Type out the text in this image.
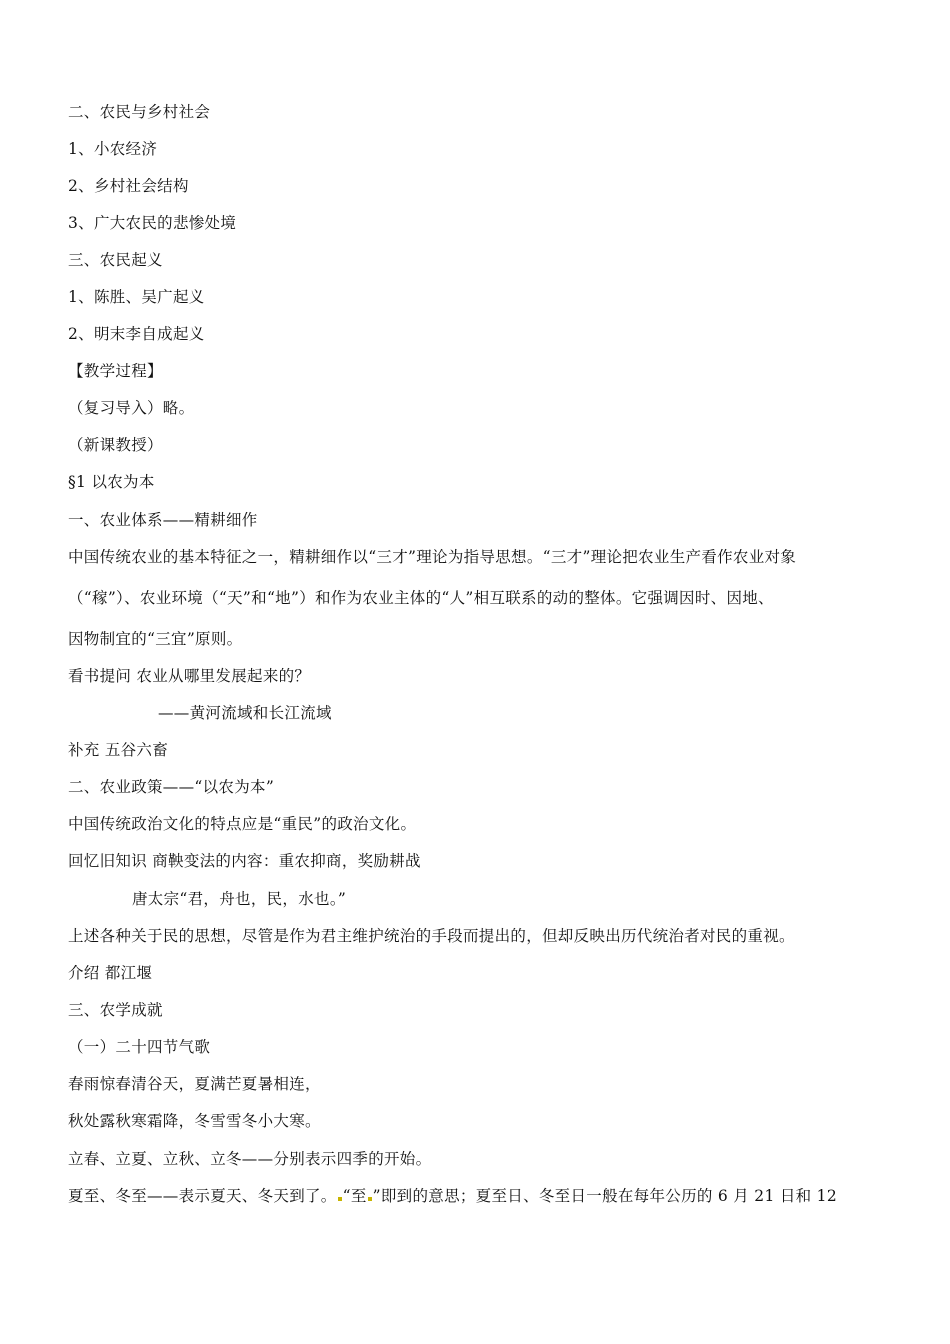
二、农民与乡村社会
1、小农经济
2、乡村社会结构
3、广大农民的悲惨处境
三、农民起义
1、陈胜、吴广起义
2、明末李自成起义
【教学过程】
（复习导入）略。
（新课教授）
§1 以农为本
一、农业体系——精耕细作
中国传统农业的基本特征之一，精耕细作以“三才”理论为指导思想。“三才”理论把农业生产看作农业对象
（“稼”）、农业环境（“天”和“地”）和作为农业主体的“人”相互联系的动的整体。它强调因时、因地、
因物制宜的“三宜”原则。
看书提问 农业从哪里发展起来的？
——黄河流域和长江流域
补充 五谷六畜
二、农业政策——“以农为本”
中国传统政治文化的特点应是“重民”的政治文化。
回忆旧知识 商鞅变法的内容：重农抑商，奖励耕战
唐太宗“君，舟也，民，水也。”
上述各种关于民的思想，尽管是作为君主维护统治的手段而提出的，但却反映出历代统治者对民的重视。
介绍 都江堰
三、农学成就
（一）二十四节气歌
春雨惊春清谷天，夏满芒夏暑相连，
秋处露秋寒霜降，冬雪雪冬小大寒。
立春、立夏、立秋、立冬——分别表示四季的开始。
夏至、冬至——表示夏天、冬天到了。 “至 ”即到的意思；夏至日、冬至日一般在每年公历的 6 月 21 日和 12
